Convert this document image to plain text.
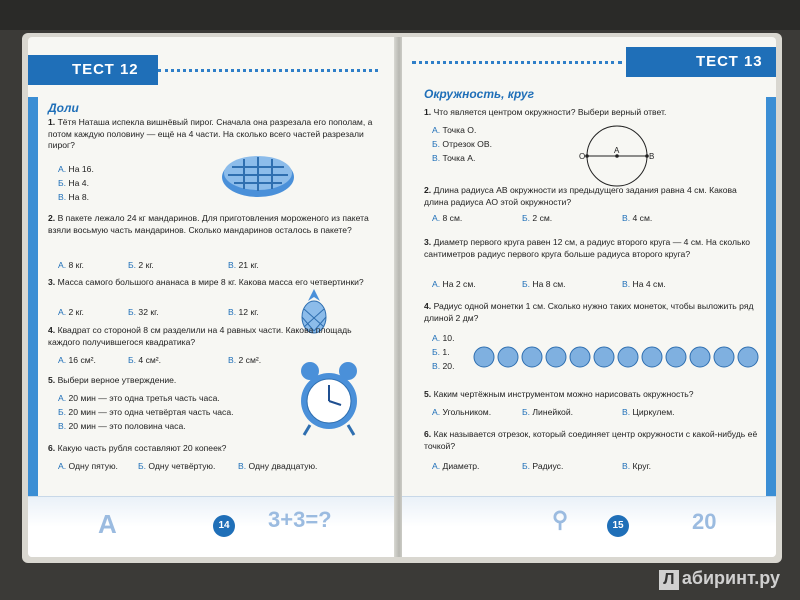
ТЕСТ 12
Доли
1. Тётя Наташа испекла вишнёвый пирог. Сначала она разрезала его пополам, а потом каждую половину — ещё на 4 части. На сколько всего частей разрезали пирог?
А. На 16.
Б. На 4.
В. На 8.
2. В пакете лежало 24 кг мандаринов. Для приготовления мороженого из пакета взяли восьмую часть мандаринов. Сколько мандаринов осталось в пакете?
А. 8 кг.	Б. 2 кг.	В. 21 кг.
3. Масса самого большого ананаса в мире 8 кг. Какова масса его четвертинки?
А. 2 кг.	Б. 32 кг.	В. 12 кг.
4. Квадрат со стороной 8 см разделили на 4 равных части. Какова площадь каждого получившегося квадратика?
А. 16 см².	Б. 4 см².	В. 2 см².
5. Выбери верное утверждение.
А. 20 мин — это одна третья часть часа.
Б. 20 мин — это одна четвёртая часть часа.
В. 20 мин — это половина часа.
6. Какую часть рубля составляют 20 копеек?
А. Одну пятую. Б. Одну четвёртую.	В. Одну двадцатую.
A	3+3=?
14
ТЕСТ 13
Окружность, круг
1. Что является центром окружности? Выбери верный ответ.
А. Точка О.
Б. Отрезок ОВ.
В. Точка А.	O
A
B
2. Длина радиуса АВ окружности из предыдущего задания равна 4 см. Какова длина радиуса АО этой окружности?
А. 8 см.	Б. 2 см.	В. 4 см.
3. Диаметр первого круга равен 12 см, а радиус второго круга — 4 см. На сколько сантиметров радиус первого круга больше радиуса второго круга?
А. На 2 см.	Б. На 8 см.	В. На 4 см.
4. Радиус одной монетки 1 см. Сколько нужно таких монеток, чтобы выложить ряд длиной 2 дм?
А. 10.
Б. 1.
В. 20.
5. Каким чертёжным инструментом можно нарисовать окружность?
А. Угольником.	Б. Линейкой.	В. Циркулем.
6. Как называется отрезок, который соединяет центр окружности с какой-нибудь её точкой?
А. Диаметр.	Б. Радиус.	В. Круг.
⚲	20
15
Л абиринт.ру
